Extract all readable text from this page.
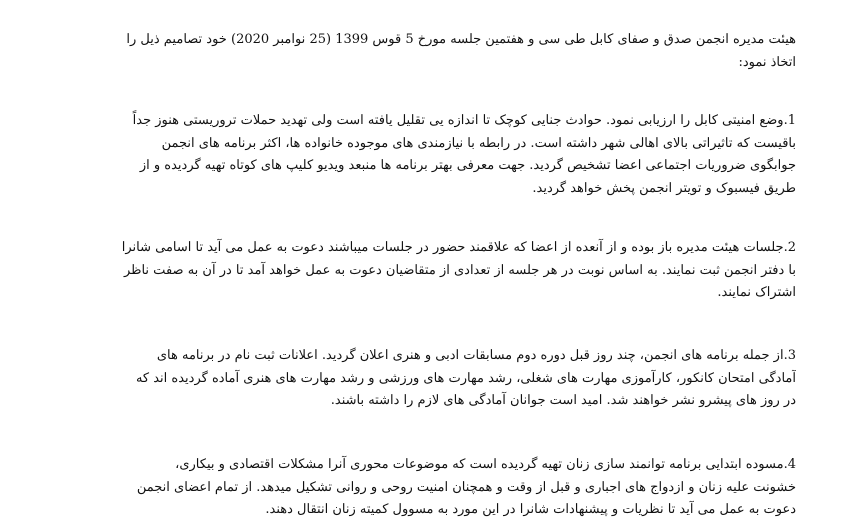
هیئت مدیره انجمن صدق و صفای کابل طی سی و هفتمین جلسه مورخ 5 قوس 1399 (25 نوامبر 2020) خود تصامیم ذیل را
اتخاذ نمود:
1.وضع امنیتی کابل را ارزیابی نمود. حوادث جنایی کوچک تا اندازه یی تقلیل یافته است ولی تهدید حملات تروریستی هنوز جداً
باقیست که تاثیراتی بالای اهالی شهر داشته است. در رابطه با نیازمندی های موجوده خانواده ها، اکثر برنامه های انجمن
جوابگوی ضروریات اجتماعی اعضا تشخیص گردید. جهت معرفی بهتر برنامه ها منبعد ویدیو کلیپ های کوتاه تهیه گردیده و از
طریق فیسبوک و تویتر انجمن پخش خواهد گردید.
2.جلسات هیئت مدیره باز بوده و از آنعده از اعضا که علاقمند حضور در جلسات میباشند دعوت به عمل می آید تا اسامی شانرا
با دفتر انجمن ثبت نمایند. به اساس نوبت در هر جلسه از تعدادی از متقاضیان دعوت به عمل خواهد آمد تا در آن به صفت ناظر
اشتراک نمایند.
3.از جمله برنامه های انجمن، چند روز قبل دوره دوم مسابقات ادبی و هنری اعلان گردید. اعلانات ثبت نام در برنامه های
آمادگی امتحان کانکور، کارآموزی مهارت های شغلی، رشد مهارت های ورزشی و رشد مهارت های هنری آماده گردیده اند که
در روز های پیشرو نشر خواهند شد. امید است جوانان آمادگی های لازم را داشته باشند.
4.مسوده ابتدایی برنامه توانمند سازی زنان تهیه گردیده است که موضوعات محوری آنرا مشکلات اقتصادی و بیکاری،
خشونت علیه زنان و ازدواج های اجباری و قبل از وقت و همچنان امنیت روحی و روانی تشکیل میدهد. از تمام اعضای انجمن
دعوت به عمل می آید تا نظریات و پیشنهادات شانرا در این مورد به مسوول کمیته زنان انتقال دهند.
